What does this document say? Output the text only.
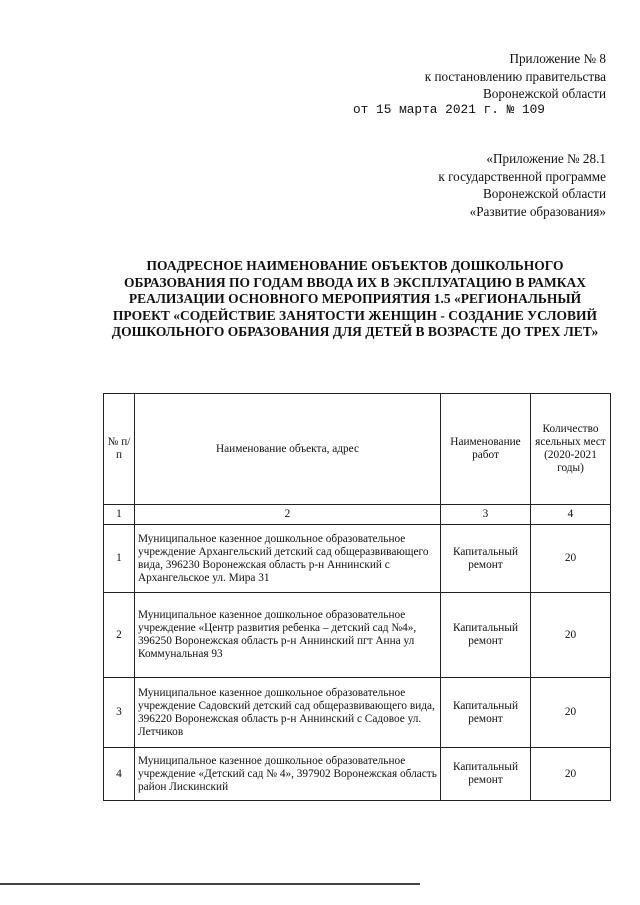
Приложение № 8
к постановлению правительства
Воронежской области
от 15 марта 2021 г. № 109
«Приложение № 28.1
к государственной программе
Воронежской области
«Развитие образования»
ПОАДРЕСНОЕ НАИМЕНОВАНИЕ ОБЪЕКТОВ ДОШКОЛЬНОГО ОБРАЗОВАНИЯ ПО ГОДАМ ВВОДА ИХ В ЭКСПЛУАТАЦИЮ В РАМКАХ РЕАЛИЗАЦИИ ОСНОВНОГО МЕРОПРИЯТИЯ 1.5 «РЕГИОНАЛЬНЫЙ ПРОЕКТ «СОДЕЙСТВИЕ ЗАНЯТОСТИ ЖЕНЩИН - СОЗДАНИЕ УСЛОВИЙ ДОШКОЛЬНОГО ОБРАЗОВАНИЯ ДЛЯ ДЕТЕЙ В ВОЗРАСТЕ ДО ТРЕХ ЛЕТ»
№ п/п	Наименование объекта, адрес	Наименование работ	Количество ясельных мест (2020-2021 годы)
1	2	3	4
1	Муниципальное казенное дошкольное образовательное учреждение Архангельский детский сад общеразвивающего вида, 396230 Воронежская область р-н Аннинский с Архангельское ул. Мира 31	Капитальный ремонт	20
2	Муниципальное казенное дошкольное образовательное учреждение «Центр развития ребенка – детский сад №4», 396250 Воронежская область р-н Аннинский пгт Анна ул Коммунальная 93	Капитальный ремонт	20
3	Муниципальное казенное дошкольное образовательное учреждение Садовский детский сад общеразвивающего вида, 396220 Воронежская область р-н Аннинский с Садовое ул. Летчиков	Капитальный ремонт	20
4	Муниципальное казенное дошкольное образовательное учреждение «Детский сад № 4», 397902 Воронежская область район Лискинский	Капитальный ремонт	20
